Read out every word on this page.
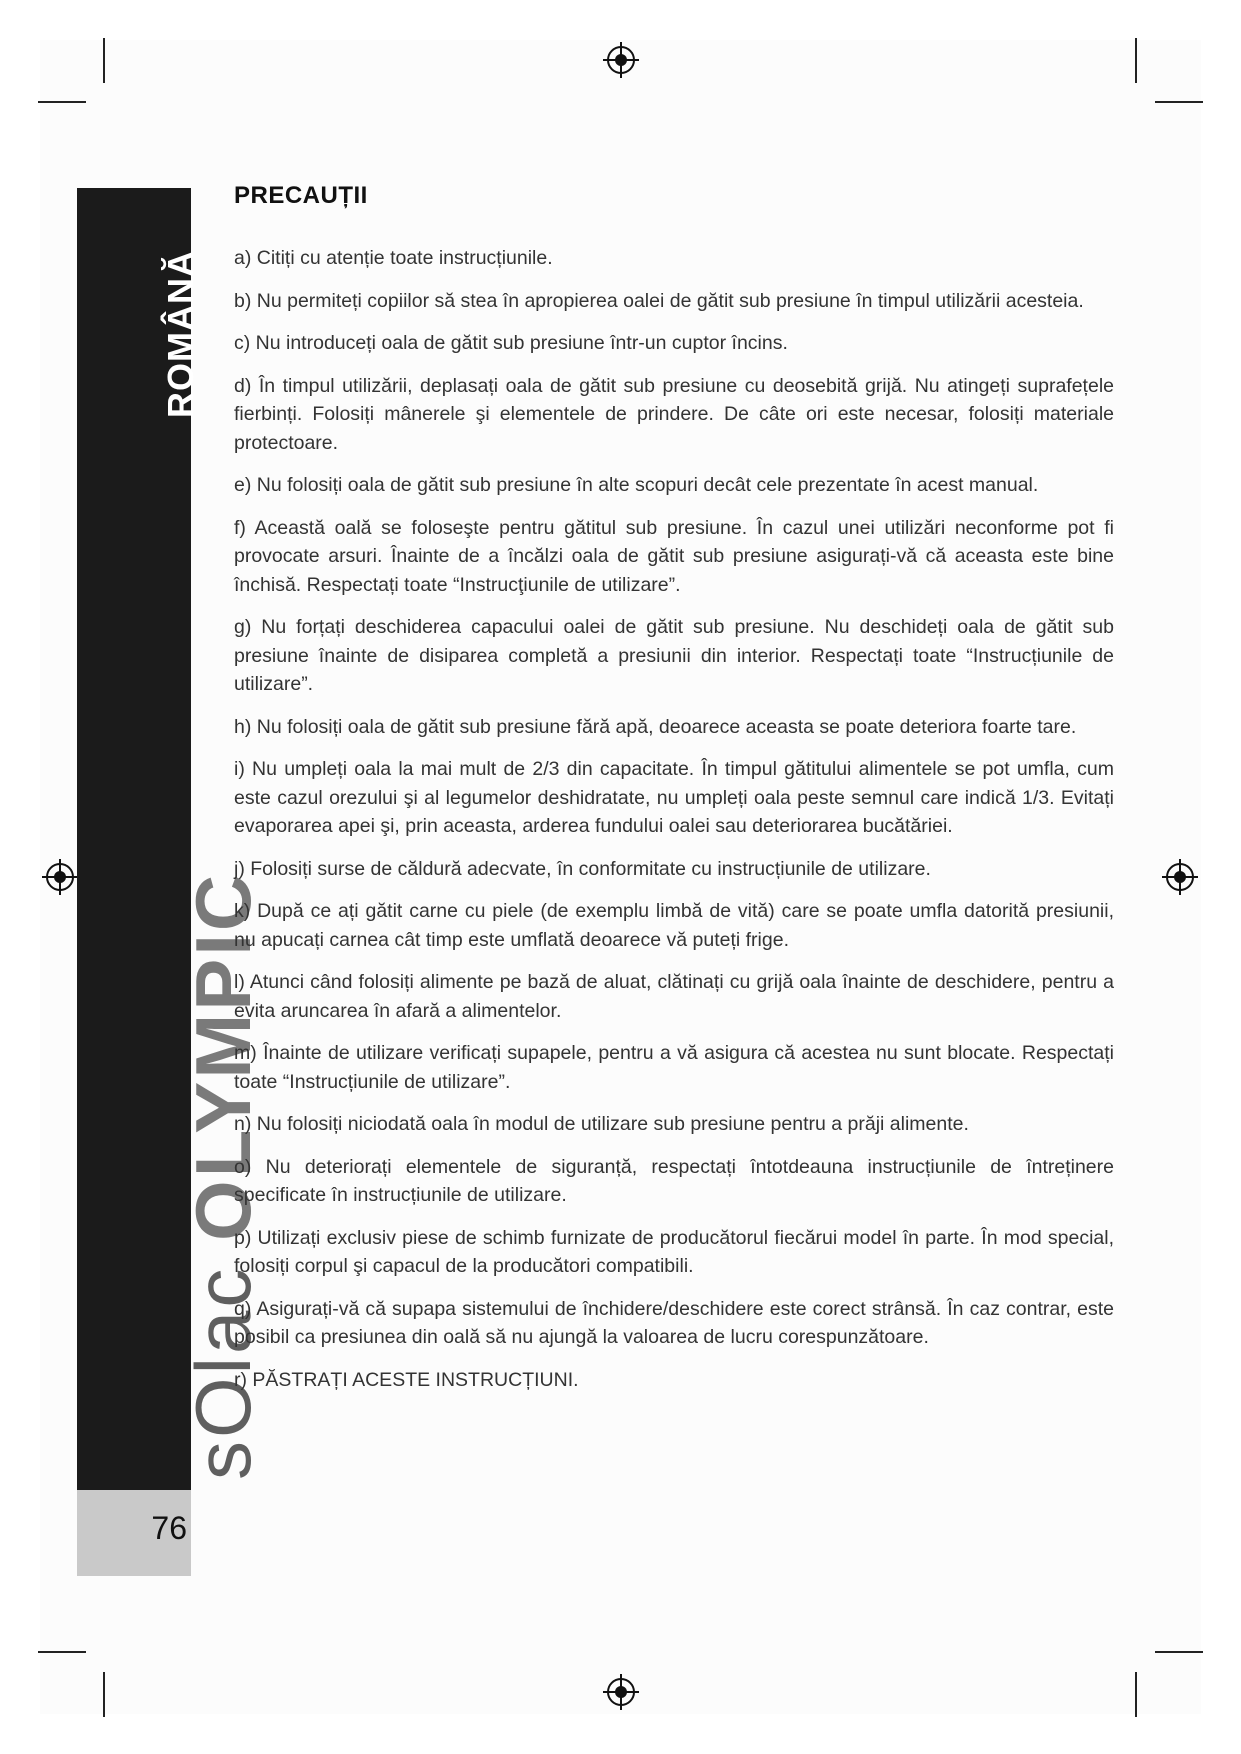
ROMÂNĂ
sOlac OLYMPIC
76
PRECAUȚII
a) Citiți cu atenție toate instrucțiunile.
b) Nu permiteți copiilor să stea în apropierea oalei de gătit sub presiune în timpul utilizării acesteia.
c) Nu introduceți oala de gătit sub presiune într-un cuptor încins.
d) În timpul utilizării, deplasați oala de gătit sub presiune cu deosebită grijă. Nu atingeți suprafețele fierbinți. Folosiți mânerele şi elementele de prindere. De câte ori este necesar, folosiți materiale protectoare.
e) Nu folosiți oala de gătit sub presiune în alte scopuri decât cele prezentate în acest manual.
f) Această oală se foloseşte pentru gătitul sub presiune. În cazul unei utilizări neconforme pot fi provocate arsuri. Înainte de a încălzi oala de gătit sub presiune asigurați-vă că aceasta este bine închisă. Respectați toate “Instrucţiunile de utilizare”.
g) Nu forțați deschiderea capacului oalei de gătit sub presiune. Nu deschideți oala de gătit sub presiune înainte de disiparea completă a presiunii din interior. Respectați toate “Instrucțiunile de utilizare”.
h) Nu folosiți oala de gătit sub presiune fără apă, deoarece aceasta se poate deteriora foarte tare.
i) Nu umpleți oala la mai mult de 2/3 din capacitate. În timpul gătitului alimentele se pot umfla, cum este cazul orezului şi al legumelor deshidratate, nu umpleți oala peste semnul care indică 1/3. Evitați evaporarea apei şi, prin aceasta, arderea fundului oalei sau deteriorarea bucătăriei.
j) Folosiți surse de căldură adecvate, în conformitate cu instrucțiunile de utilizare.
k) După ce ați gătit carne cu piele (de exemplu limbă de vită) care se poate umfla datorită presiunii, nu apucați carnea cât timp este umflată deoarece vă puteți frige.
l) Atunci când folosiți alimente pe bază de aluat, clătinați cu grijă oala înainte de deschidere, pentru a evita aruncarea în afară a alimentelor.
m) Înainte de utilizare verificați supapele, pentru a vă asigura că acestea nu sunt blocate. Respectați toate “Instrucțiunile de utilizare”.
n) Nu folosiți niciodată oala în modul de utilizare sub presiune pentru a prăji alimente.
o) Nu deteriorați elementele de siguranță, respectați întotdeauna instrucțiunile de întreținere specificate în instrucțiunile de utilizare.
p) Utilizați exclusiv piese de schimb furnizate de producătorul fiecărui model în parte. În mod special, folosiți corpul şi capacul de la producători compatibili.
q) Asigurați-vă că supapa sistemului de închidere/deschidere este corect strânsă. În caz contrar, este posibil ca presiunea din oală să nu ajungă la valoarea de lucru corespunzătoare.
r) PĂSTRAȚI ACESTE INSTRUCȚIUNI.
